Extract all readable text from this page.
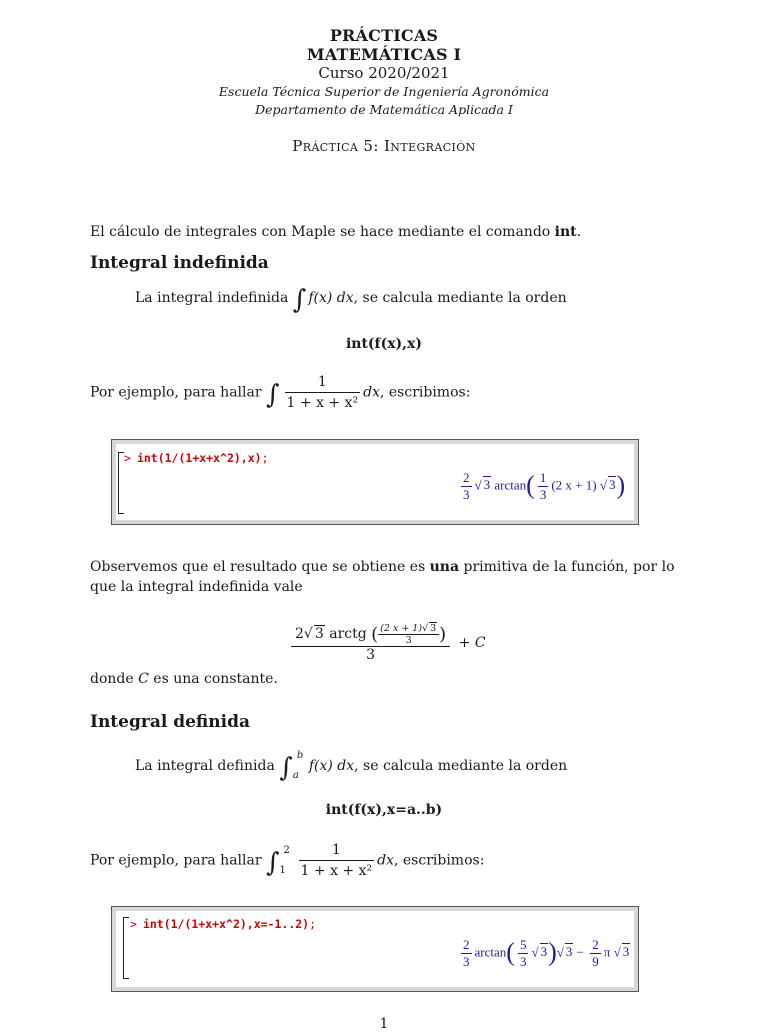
PRÁCTICAS
MATEMÁTICAS I
Curso 2020/2021
Escuela Técnica Superior de Ingeniería Agronómica
Departamento de Matemática Aplicada I
Práctica 5: Integración
El cálculo de integrales con Maple se hace mediante el comando int.
Integral indefinida
La integral indefinida ∫ f(x) dx, se calcula mediante la orden
int(f(x),x)
Por ejemplo, para hallar ∫ $\frac{1}{\text{1 + x + x²}}$ dx, escribimos:
> int(1/(1+x+x^2),x);
$\frac{2}{3}$ √ 3 $\arctan( \frac{1}{3} (2$ x + 1) √ 3)
Observemos que el resultado que se obtiene es una primitiva de la función, por lo que la integral indefinida vale
$\frac{2√ 3 arctg ( \frac{(2 x + 1)√ 3}{3} )}{3} + C$
donde C es una constante.
Integral definida
La integral definida ∫ b
a
f(x) dx, se calcula mediante la orden
int(f(x),x=a..b)
Por ejemplo, para hallar ∫ 2
$1 \frac{1}{\text{1 + x + x²}}$ dx, escribimos:
> int(1/(1+x+x^2),x=-1..2);
$\frac{2}{3} \arctan( \frac{5}{3}$ √ 3)√ $3 - \frac{2}{9}$ π √ 3
1
